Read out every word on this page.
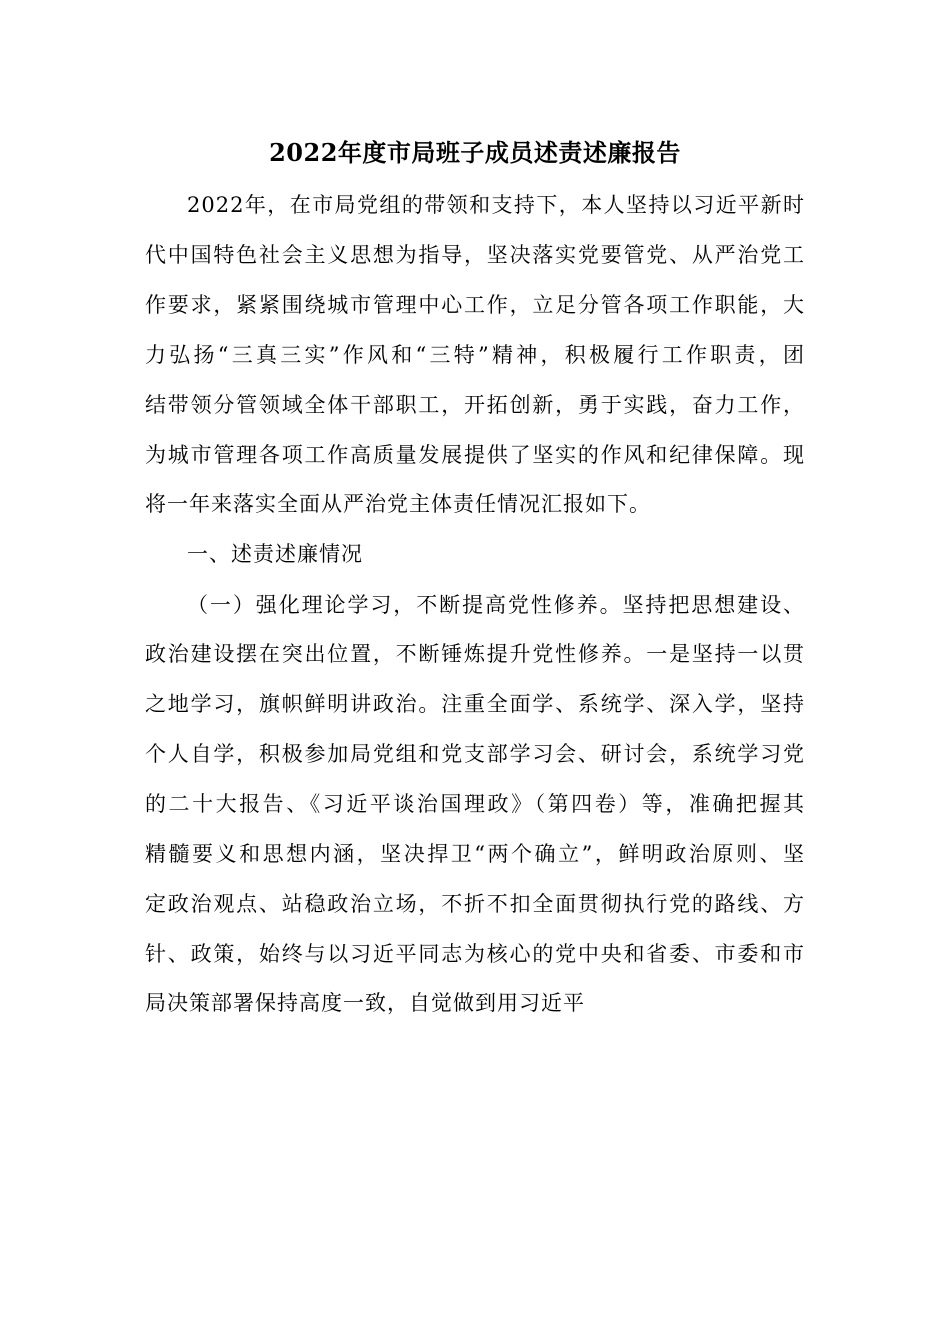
2022年度市局班子成员述责述廉报告

2022年，在市局党组的带领和支持下，本人坚持以习近平新时

代中国特色社会主义思想为指导，坚决落实党要管党、从严治党工

作要求，紧紧围绕城市管理中心工作，立足分管各项工作职能，大

力弘扬“三真三实”作风和“三特”精神，积极履行工作职责，团

结带领分管领域全体干部职工，开拓创新，勇于实践，奋力工作，

为城市管理各项工作高质量发展提供了坚实的作风和纪律保障。现

将一年来落实全面从严治党主体责任情况汇报如下。

一、述责述廉情况

（一）强化理论学习，不断提高党性修养。坚持把思想建设、

政治建设摆在突出位置，不断锤炼提升党性修养。一是坚持一以贯

之地学习，旗帜鲜明讲政治。注重全面学、系统学、深入学，坚持

个人自学，积极参加局党组和党支部学习会、研讨会，系统学习党

的二十大报告、《习近平谈治国理政》（第四卷）等，准确把握其

精髓要义和思想内涵，坚决捍卫“两个确立”，鲜明政治原则、坚

定政治观点、站稳政治立场，不折不扣全面贯彻执行党的路线、方

针、政策，始终与以习近平同志为核心的党中央和省委、市委和市

局决策部署保持高度一致，自觉做到用习近平
